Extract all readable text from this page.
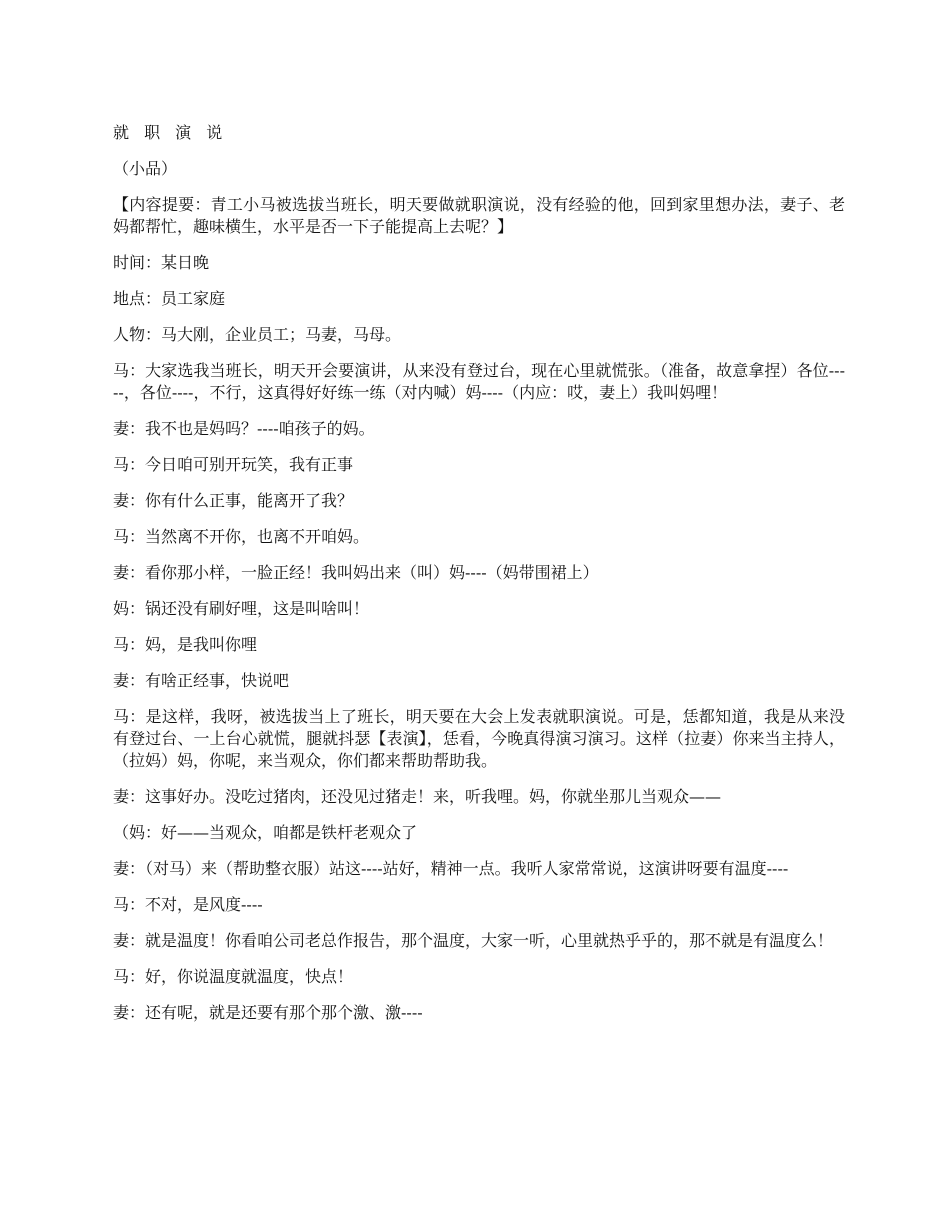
就 职 演 说

（小品）

【内容提要：青工小马被选拔当班长，明天要做就职演说，没有经验的他，回到家里想办法，妻子、老妈都帮忙，趣味横生，水平是否一下子能提高上去呢？】

时间：某日晚

地点：员工家庭

人物：马大刚，企业员工；马妻，马母。

马：大家选我当班长，明天开会要演讲，从来没有登过台，现在心里就慌张。（准备，故意拿捏）各位-----，各位----，不行，这真得好好练一练（对内喊）妈----（内应：哎，妻上）我叫妈哩！

妻：我不也是妈吗？----咱孩子的妈。

马：今日咱可别开玩笑，我有正事

妻：你有什么正事，能离开了我？

马：当然离不开你，也离不开咱妈。

妻：看你那小样，一脸正经！我叫妈出来（叫）妈----（妈带围裙上）

妈：锅还没有刷好哩，这是叫啥叫！

马：妈，是我叫你哩

妻：有啥正经事，快说吧

马：是这样，我呀，被选拔当上了班长，明天要在大会上发表就职演说。可是，恁都知道，我是从来没有登过台、一上台心就慌，腿就抖瑟【表演】，恁看，今晚真得演习演习。这样（拉妻）你来当主持人，（拉妈）妈，你呢，来当观众，你们都来帮助帮助我。

妻：这事好办。没吃过猪肉，还没见过猪走！来，听我哩。妈，你就坐那儿当观众——

（妈：好——当观众，咱都是铁杆老观众了

妻：（对马）来（帮助整衣服）站这----站好，精神一点。我听人家常常说，这演讲呀要有温度----

马：不对，是风度----

妻：就是温度！你看咱公司老总作报告，那个温度，大家一听，心里就热乎乎的，那不就是有温度么！

马：好，你说温度就温度，快点！

妻：还有呢，就是还要有那个那个激、激----
